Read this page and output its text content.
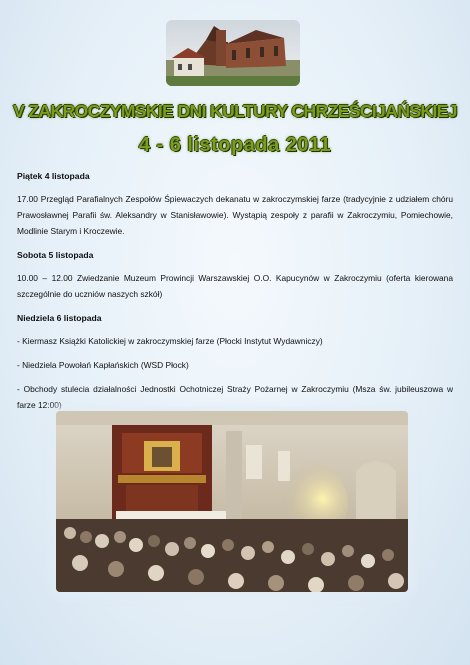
V ZAKROCZYMSKIE DNI KULTURY CHRZEŚCIJAŃSKIEJ
4 - 6 listopada 2011
Piątek 4 listopada
17.00 Przegląd Parafialnych Zespołów Śpiewaczych dekanatu w zakroczymskiej farze (tradycyjnie z udziałem chóru Prawosławnej Parafii św. Aleksandry w Stanisławowie). Wystąpią zespoły z parafii w Zakroczymiu, Pomiechowie, Modlinie Starym i Kroczewie.
Sobota 5 listopada
10.00 – 12.00 Zwiedzanie Muzeum Prowincji Warszawskiej O.O. Kapucynów w Zakroczymiu (oferta kierowana szczególnie do uczniów naszych szkół)
Niedziela 6 listopada
- Kiermasz Książki Katolickiej w zakroczymskiej farze (Płocki Instytut Wydawniczy)
- Niedziela Powołań Kapłańskich (WSD Płock)
- Obchody stulecia działalności Jednostki Ochotniczej Straży Pożarnej w Zakroczymiu (Msza św. jubileuszowa w farze 12:00)
